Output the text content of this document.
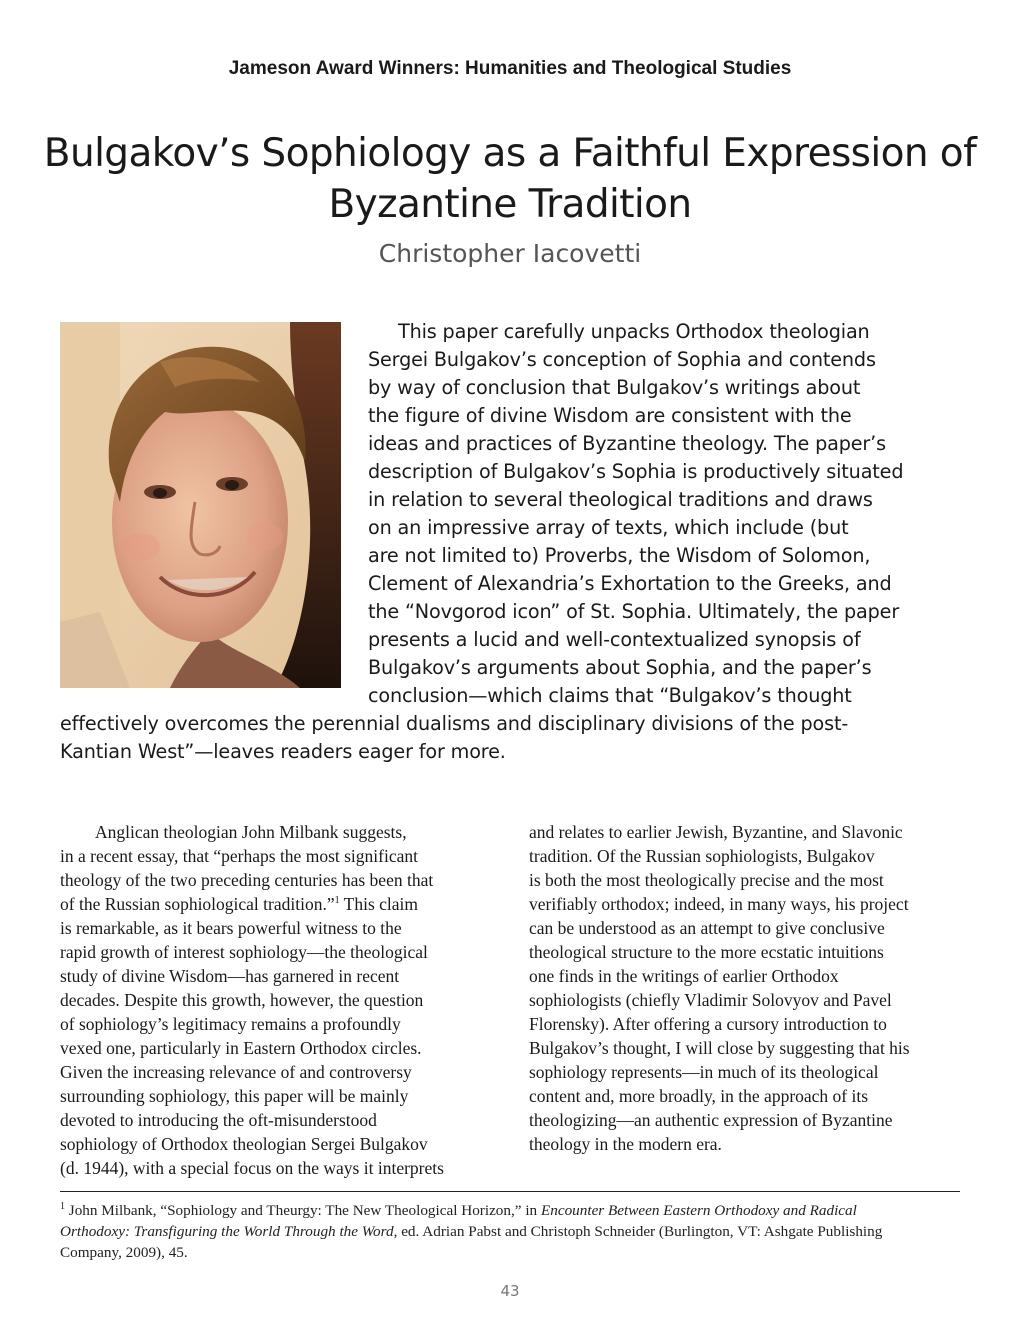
Jameson Award Winners: Humanities and Theological Studies
Bulgakov’s Sophiology as a Faithful Expression of
Byzantine Tradition
Christopher Iacovetti
This paper carefully unpacks Orthodox theologian
Sergei Bulgakov’s conception of Sophia and contends
by way of conclusion that Bulgakov’s writings about
the figure of divine Wisdom are consistent with the
ideas and practices of Byzantine theology. The paper’s
description of Bulgakov’s Sophia is productively situated
in relation to several theological traditions and draws
on an impressive array of texts, which include (but
are not limited to) Proverbs, the Wisdom of Solomon,
Clement of Alexandria’s Exhortation to the Greeks, and
the “Novgorod icon” of St. Sophia. Ultimately, the paper
presents a lucid and well-contextualized synopsis of
Bulgakov’s arguments about Sophia, and the paper’s
conclusion—which claims that “Bulgakov’s thought
effectively overcomes the perennial dualisms and disciplinary divisions of the post-
Kantian West”—leaves readers eager for more.
Anglican theologian John Milbank suggests,
in a recent essay, that “perhaps the most significant
theology of the two preceding centuries has been that
of the Russian sophiological tradition.”$^1$ This claim
is remarkable, as it bears powerful witness to the
rapid growth of interest sophiology—the theological
study of divine Wisdom—has garnered in recent
decades. Despite this growth, however, the question
of sophiology’s legitimacy remains a profoundly
vexed one, particularly in Eastern Orthodox circles.
Given the increasing relevance of and controversy
surrounding sophiology, this paper will be mainly
devoted to introducing the oft-misunderstood
sophiology of Orthodox theologian Sergei Bulgakov
(d. 1944), with a special focus on the ways it interprets
and relates to earlier Jewish, Byzantine, and Slavonic
tradition. Of the Russian sophiologists, Bulgakov
is both the most theologically precise and the most
verifiably orthodox; indeed, in many ways, his project
can be understood as an attempt to give conclusive
theological structure to the more ecstatic intuitions
one finds in the writings of earlier Orthodox
sophiologists (chiefly Vladimir Solovyov and Pavel
Florensky). After offering a cursory introduction to
Bulgakov’s thought, I will close by suggesting that his
sophiology represents—in much of its theological
content and, more broadly, in the approach of its
theologizing—an authentic expression of Byzantine
theology in the modern era.
$^1$ John Milbank, “Sophiology and Theurgy: The New Theological Horizon,” in Encounter Between Eastern Orthodoxy and Radical
Orthodoxy: Transfiguring the World Through the Word, ed. Adrian Pabst and Christoph Schneider (Burlington, VT: Ashgate Publishing
Company, 2009), 45.
43
